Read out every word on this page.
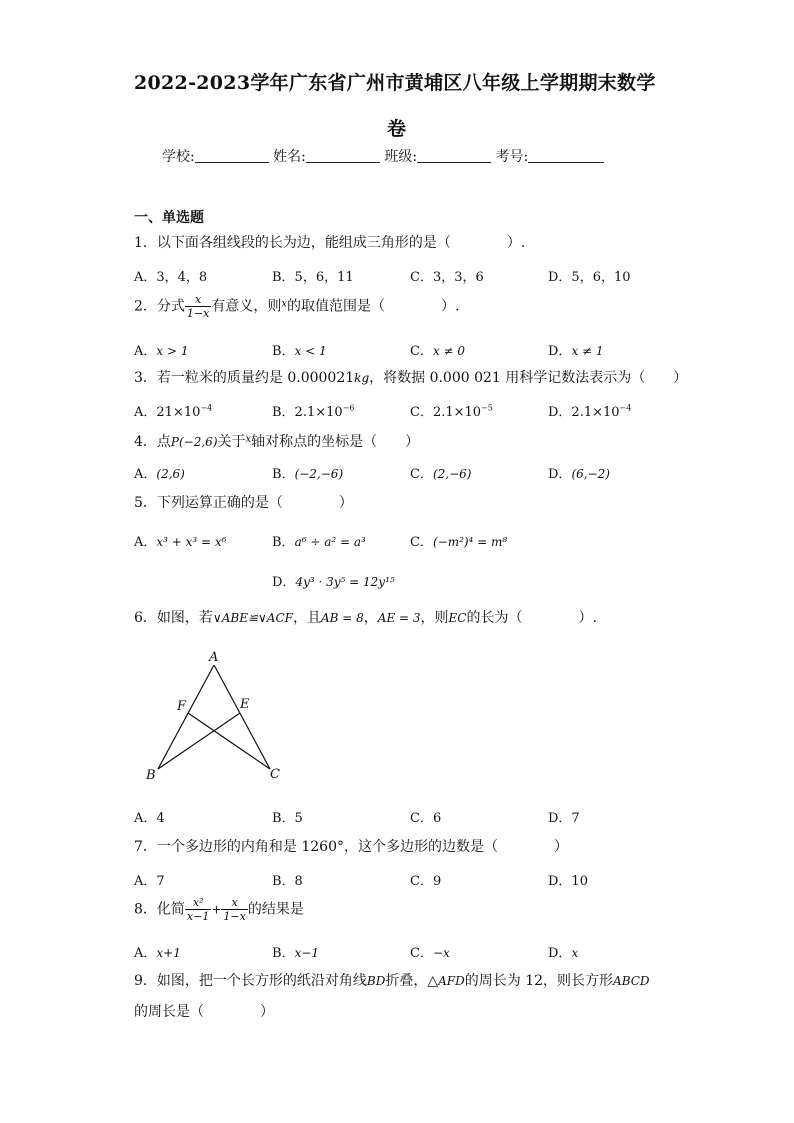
2022-2023学年广东省广州市黄埔区八年级上学期期末数学
卷
学校:	姓名:	班级:	考号:
一、单选题
1．以下面各组线段的长为边，能组成三角形的是（　　　　）.
A．3，4，8	B．5，6，11	C．3，3，6	D．5，6，10
2．分式 $\frac{x}{1-x}$ 有意义，则$^x$的取值范围是（　　　　）.
A．x > 1	B．x < 1	C．x ≠ 0	D．x ≠ 1
3．若一粒米的质量约是 0.000021kg，将数据 0.000 021 用科学记数法表示为（　　）
A．$21\times 10^{-4}$	B．$2.1\times 10^{-6}$	C．$2.1\times 10^{-5}$	D．$2.1\times 10^{-4}$
4．点P(−2,6)关于$^x$轴对称点的坐标是（　　）
A．(2,6)	B．(−2,−6)	C．(2,−6)	D．(6,−2)
5．下列运算正确的是（　　　　）
A．x³ + x³ = x⁶	B．a⁶ ÷ a² = a³	C．(−m²)⁴ = m⁸
D．4y³ · 3y⁵ = 12y¹⁵
6．如图，若∨ABE≌∨ACF，且AB = 8，AE = 3，则EC的长为（　　　　）.
A
F	E
B	C
A．4	B．5	C．6	D．7
7．一个多边形的内角和是 1260°，这个多边形的边数是（　　　　）
A．7	B．8	C．9	D．10
8．化简 $\frac{\text{x²}}{x-1} + \frac{x}{1-x}$ 的结果是
A．x+1	B．x−1	C．−x	D．x
9．如图，把一个长方形的纸沿对角线BD折叠，△AFD的周长为 12，则长方形ABCD
的周长是（　　　　）
